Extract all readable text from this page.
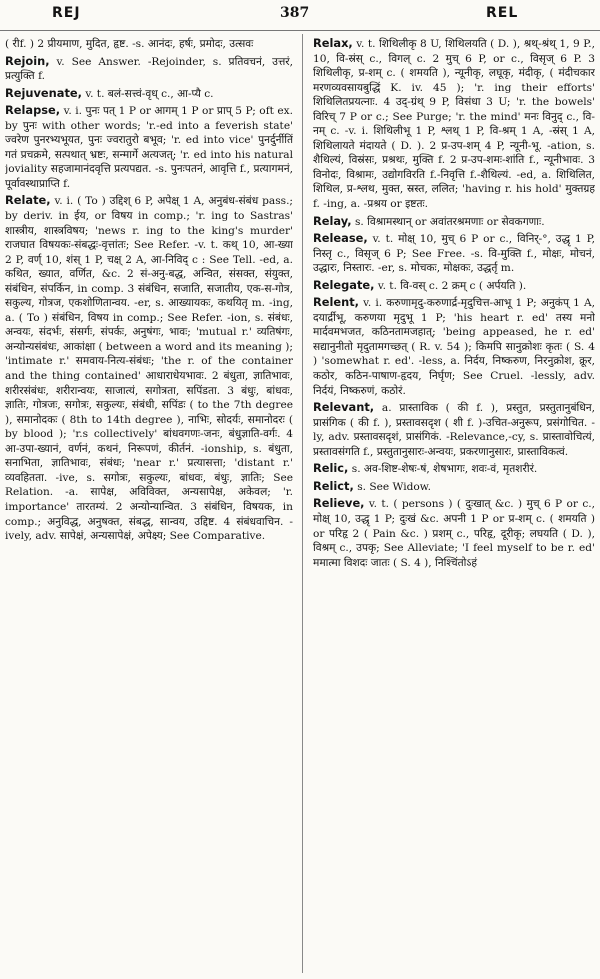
REJ	387	REL

( रीf. ) 2 प्रीयमाण, मुदित, हृष्ट. -s. आनंदः, हर्षः, प्रमोदः, उत्सवः

Rejoin, v. See Answer. -Rejoinder, s. प्रतिवचनं, उत्तरं, प्रत्युक्ति f.

Rejuvenate, v. t. बलं-सत्त्वं-वृध् c., आ-प्यै c.

Relapse, v. i. पुनः पत् 1 P or आगम् 1 P or प्राप् 5 P; oft ex. by पुनः with other words; 'r.-ed into a feverish state' ज्वरेण पुनरभ्यभूयत, पुनः ज्वरातुरो बभूव; 'r. ed into vice' पुनर्दुर्नीतिं गतं प्रचक्रमे, सत्पथात् भ्रष्टः, सन्मार्गे अत्यजत्; 'r. ed into his natural joviality सहजामानंदवृत्ति प्रत्यपद्यत. -s. पुनःपतनं, आवृत्ति f., प्रत्यागमनं, पूर्वावस्थाप्राप्ति f.

Relate, v. i. ( To ) उद्दिश् 6 P, अपेक्ष् 1 A, अनुबंध-संबंध pass.; by deriv. in ईय, or विषय in comp.; 'r. ing to Sastras' शास्त्रीय, शास्त्रविषय; 'news r. ing to the king's murder' राजघात विषयकः-संबद्धः-वृत्तांतः; See Refer. -v. t. कथ् 10, आ-ख्या 2 P, वर्ण् 10, शंस् 1 P, चक्ष् 2 A, आ-निविद् c : See Tell. -ed, a. कथित, ख्यात, वर्णित, &c. 2 सं-अनु-बद्ध, अन्वित, संसक्त, संयुक्त, संबंधिन, संपर्किन, in comp. 3 संबंधिन, सजाति, सजातीय, एक-स-गोत्र, सकुल्य, गोत्रज, एकशोणितान्वय. -er, s. आख्यायकः, कथयितृ m. -ing, a. ( To ) संबंधिन, विषय in comp.; See Refer. -ion, s. संबंधः, अन्वयः, संदर्भः, संसर्गः, संपर्कः, अनुषंगः, भावः; 'mutual r.' व्यतिषंगः, अन्योन्यसंबंधः, आकांक्षा ( between a word and its meaning ); 'intimate r.' समवाय-नित्य-संबंधः; 'the r. of the container and the thing contained' आधाराधेयभावः. 2 बंधुता, ज्ञातिभावः, शरीरसंबंधः, शरीरान्वयः, साजात्यं, सगोत्रता, सपिंडता. 3 बंधुः, बांधवः, ज्ञातिः, गोत्रजः, सगोत्रः, सकुल्यः, संबंधी, सपिंडः ( to the 7th degree ), समानोदकः ( 8th to 14th degree ), नाभिः, सोदर्यः, समानोदरः ( by blood ); 'r.s collectively' बांधवगणः-जनः, बंधुज्ञाति-वर्गः. 4 आ-उपा-ख्यानं, वर्णनं, कथनं, निरूपणं, कीर्तनं. -ionship, s. बंधुता, सनाभिता, ज्ञातिभावः, संबंधः; 'near r.' प्रत्यासत्ता; 'distant r.' व्यवहितता. -ive, s. सगोत्रः, सकुल्यः, बांधवः, बंधुः, ज्ञातिः; See Relation. -a. सापेक्ष, अविविक्त, अन्यसापेक्ष, अकेवल; 'r. importance' तारतम्यं. 2 अन्योन्यान्वित. 3 संबंधिन, विषयक, in comp.; अनुविद्ध, अनुषक्त, संबद्ध, सान्वय, उद्दिष्ट. 4 संबंधवाचिन. -ively, adv. सापेक्षं, अन्यसापेक्षं, अपेक्ष्य; See Comparative.

Relax, v. t. शिथिलीकृ 8 U, शिथिलयति ( D. ), श्रथ्-श्रंथ् 1, 9 P., 10, वि-स्रंस् c., विगल् c. 2 मुच् 6 P, or c., विसृज् 6 P. 3 शिथिलीकृ, प्र-शम् c. ( शमयति ), न्यूनीकृ, लघूकृ, मंदीकृ, ( मंदीचकार मरणव्यवसायबुद्धिं K. iv. 45 ); 'r. ing their efforts' शिथिलितप्रयत्नाः. 4 उद्-ग्रंथ् 9 P, विसंधा 3 U; 'r. the bowels' विरिच् 7 P or c.; See Purge; 'r. the mind' मनः विनुद् c., वि-नम् c. -v. i. शिथिलीभू 1 P, श्लथ् 1 P, वि-श्रम् 1 A, -स्रंस् 1 A, शिथिलायते मंदायते ( D. ). 2 प्र-उप-शम् 4 P, न्यूनी-भू. -ation, s. शैथिल्यं, विस्रंसः, प्रश्रथः, मुक्ति f. 2 प्र-उप-शमः-शांति f., न्यूनीभावः. 3 विनोदः, विश्रामः, उद्योगविरति f.-निवृत्ति f.-शैथिल्यं. -ed, a. शिथिलित, शिथिल, प्र-श्लथ, मुक्त, स्रस्त, ललित; 'having r. his hold' मुक्तग्रह f. -ing, a. -प्रश्रय or इष्टतः.

Relay, s. विश्रामस्थान् or अवांतरश्रमणाः or सेवकगणाः.

Release, v. t. मोक्ष् 10, मुच् 6 P or c., विनिर्-°, उद्धृ 1 P, निस्तृ c., विसृज् 6 P; See Free. -s. वि-मुक्ति f., मोक्षः, मोचनं, उद्धारः, निस्तारः. -er, s. मोचकः, मोक्षकः, उद्धर्तृ m.

Relegate, v. t. वि-वस् c. 2 क्रम् c ( अर्पयति ).

Relent, v. i. करुणामृदु-करुणार्द्र-मृदुचित्त-आभू 1 P; अनुकंप् 1 A, दयार्द्रीभू, करुणया मृदुभू 1 P; 'his heart r. ed' तस्य मनो मार्दवमभजत, कठिनतामजहात्; 'being appeased, he r. ed' सद्यानुनीतो मृदुतामगच्छत् ( R. v. 54 ); किमपि सानुक्रोशः कृतः ( S. 4 ) 'somewhat r. ed'. -less, a. निर्दय, निष्करुण, निरनुक्रोश, क्रूर, कठोर, कठिन-पाषाण-हृदय, निर्घृण; See Cruel. -lessly, adv. निर्दयं, निष्करुणं, कठोरं.

Relevant, a. प्रास्ताविक ( की f. ), प्रस्तुत, प्रस्तुतानुबंधिन, प्रासंगिक ( की f. ), प्रस्तावसदृश ( शी f. )-उचित-अनुरूप, प्रसंगोचित. -ly, adv. प्रस्तावसदृशं, प्रासंगिकं. -Relevance,-cy, s. प्रास्तावोचित्यं, प्रस्तावसंगति f., प्रस्तुतानुसारः-अन्वयः, प्रकरणानुसारः, प्रास्ताविकत्वं.

Relic, s. अव-शिष्ट-शेषः-षं, शेषभागः, शवः-वं, मृतशरीरं.

Relict, s. See Widow.

Relieve, v. t. ( persons ) ( दुःखात् &c. ) मुच् 6 P or c., मोक्ष् 10, उद्धृ 1 P; दुःखं &c. अपनी 1 P or प्र-शम् c. ( शमयति ) or परिहृ 2 ( Pain &c. ) प्रशम् c., परिहृ, दूरीकृ; लघयति ( D. ), विश्रम् c., उपकृ; See Alleviate; 'I feel myself to be r. ed' ममात्मा विशदः जातः ( S. 4 ), निश्चिंतोऽहं
